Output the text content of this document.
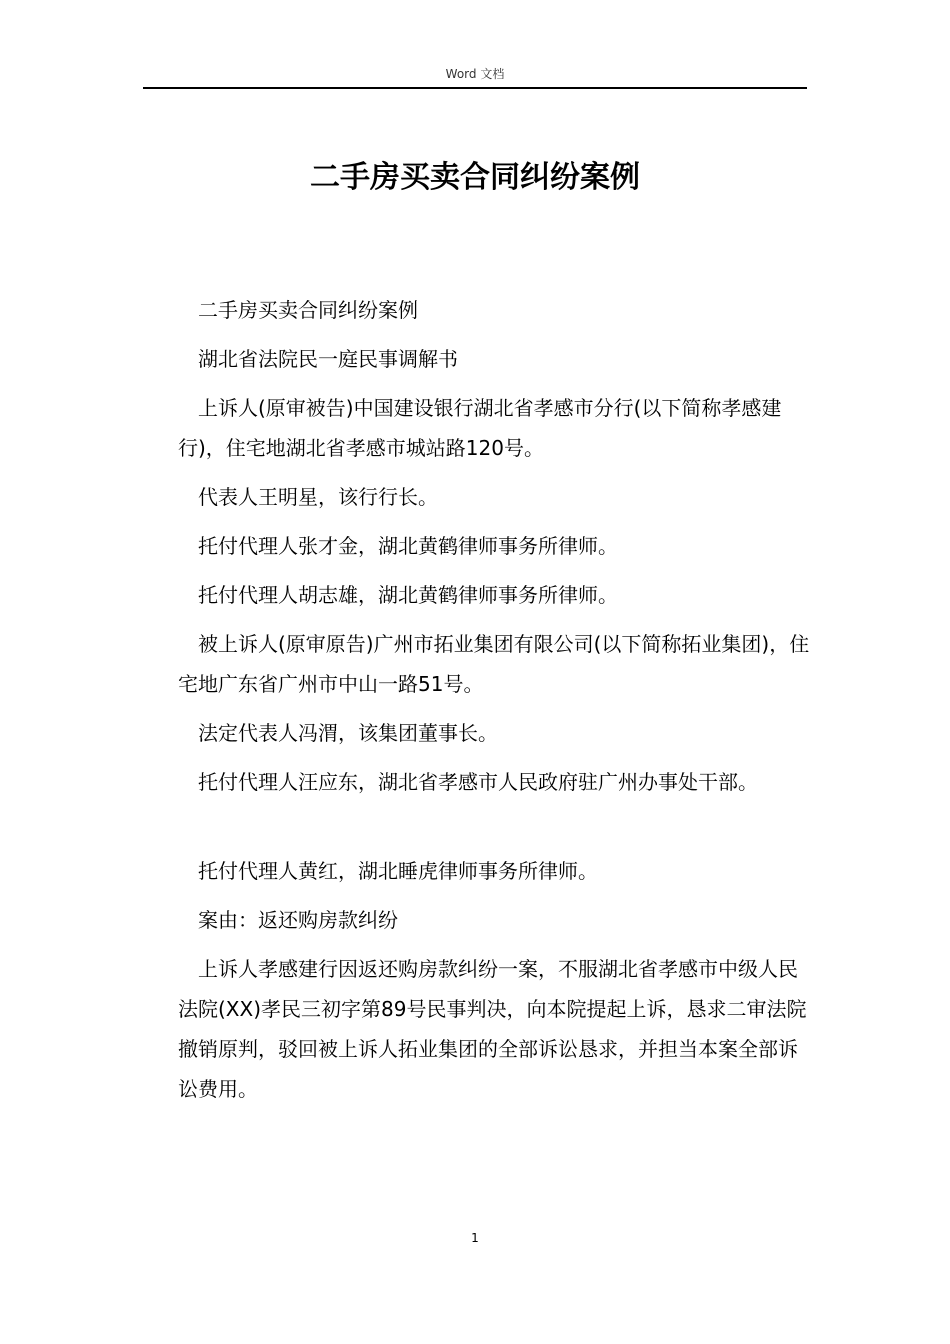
Word 文档
二手房买卖合同纠纷案例

二手房买卖合同纠纷案例

湖北省法院民一庭民事调解书

上诉人(原审被告)中国建设银行湖北省孝感市分行(以下简称孝感建行)，住宅地湖北省孝感市城站路120号。

代表人王明星，该行行长。

托付代理人张才金，湖北黄鹤律师事务所律师。

托付代理人胡志雄，湖北黄鹤律师事务所律师。

被上诉人(原审原告)广州市拓业集团有限公司(以下简称拓业集团)，住宅地广东省广州市中山一路51号。

法定代表人冯渭，该集团董事长。

托付代理人汪应东，湖北省孝感市人民政府驻广州办事处干部。

托付代理人黄红，湖北睡虎律师事务所律师。

案由：返还购房款纠纷

上诉人孝感建行因返还购房款纠纷一案，不服湖北省孝感市中级人民法院(XX)孝民三初字第89号民事判决，向本院提起上诉，恳求二审法院撤销原判，驳回被上诉人拓业集团的全部诉讼恳求，并担当本案全部诉讼费用。

1
